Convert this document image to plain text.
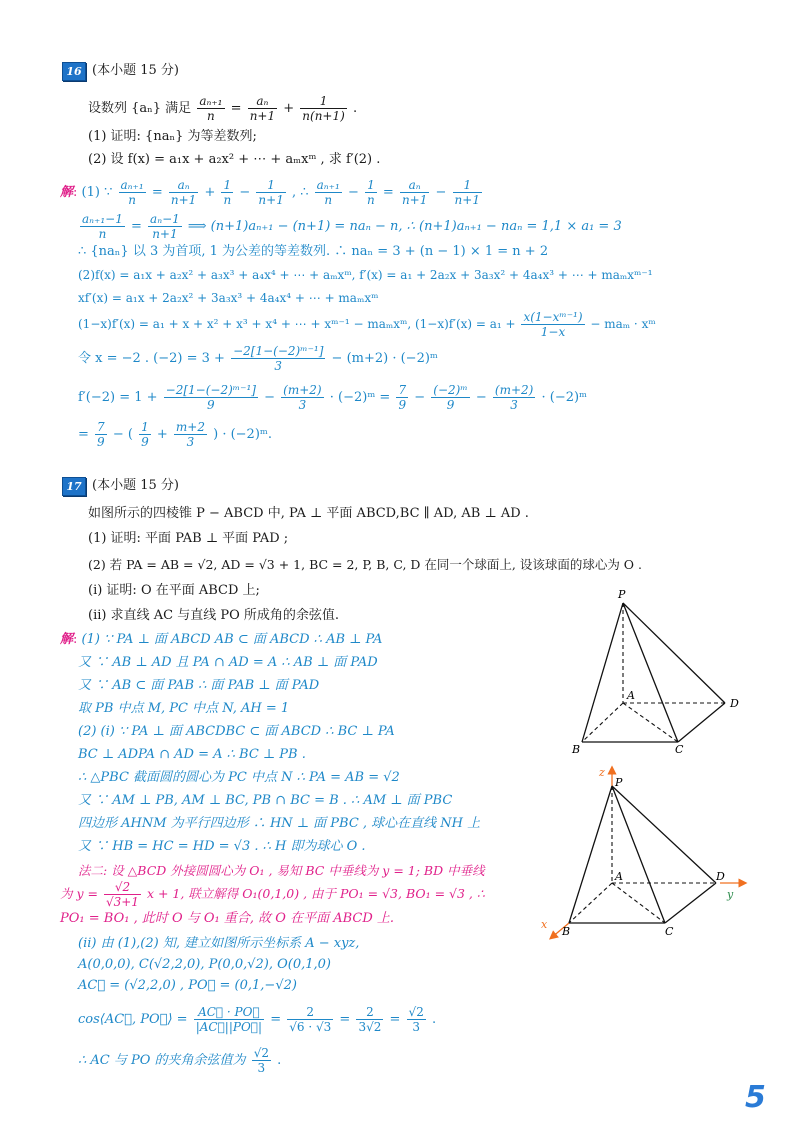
16 (本小题 15 分)
设数列 {aₙ} 满足 $\frac{\text{aₙ₊₁}}{n} = \frac{\text{aₙ}}{n+1} + \frac{1}{n(n+1)}$ .
(1) 证明: {naₙ} 为等差数列;
(2) 设 f(x) = a₁x + a₂x² + ⋯ + aₘxᵐ , 求 f′(2) .
解: (1) ∵ $\frac{\text{aₙ₊₁}}{n} = \frac{\text{aₙ}}{n+1} + \frac{1}{n} - \frac{1}{n+1}$ , ∴ $\frac{\text{aₙ₊₁}}{n} - \frac{1}{n} = \frac{\text{aₙ}}{n+1} - \frac{1}{n+1}$
$\frac{\text{aₙ₊₁−1}}{n} = \frac{\text{aₙ−1}}{n+1}$ ⟹ (n+1)aₙ₊₁ − (n+1) = naₙ − n, ∴ (n+1)aₙ₊₁ − naₙ = 1,1 × a₁ = 3
∴ {naₙ} 以 3 为首项, 1 为公差的等差数列. ∴ naₙ = 3 + (n − 1) × 1 = n + 2
(2)f(x) = a₁x + a₂x² + a₃x³ + a₄x⁴ + ⋯ + aₘxᵐ, f′(x) = a₁ + 2a₂x + 3a₃x² + 4a₄x³ + ⋯ + maₘxᵐ⁻¹
xf′(x) = a₁x + 2a₂x² + 3a₃x³ + 4a₄x⁴ + ⋯ + maₘxᵐ
(1−x)f′(x) = a₁ + x + x² + x³ + x⁴ + ⋯ + xᵐ⁻¹ − maₘxᵐ, $(1-x)f'(x) = a_1 + \frac{\text{x(1−xᵐ⁻¹)}}{1-x} - ma_m$ · xᵐ
令 x = −2 . $(-2) = 3 + \frac{\text{−2[1−(−2)ᵐ⁻¹]}}{3} - (m+2)$ · (−2)ᵐ
$f'(-2) = 1 + \frac{\text{−2[1−(−2)ᵐ⁻¹]}}{9} - \frac{(m+2)}{3}$ · (−2)ᵐ = $\frac{7}{9} - \frac{\text{(−2)ᵐ}}{9} - \frac{(m+2)}{3}$ · (−2)ᵐ
= $\frac{7}{9}$ − ( $\frac{1}{9} + \frac{m+2}{3}$ ) · (−2)ᵐ.
17 (本小题 15 分)
如图所示的四棱锥 P − ABCD 中, PA ⊥ 平面 ABCD,BC ∥ AD, AB ⊥ AD .
(1) 证明: 平面 PAB ⊥ 平面 PAD ;
(2) 若 PA = AB = √2, AD = √3 + 1, BC = 2, P, B, C, D 在同一个球面上, 设该球面的球心为 O .
(i) 证明: O 在平面 ABCD 上;
(ii) 求直线 AC 与直线 PO 所成角的余弦值.
解: (1) ∵ PA ⊥ 面 ABCD AB ⊂ 面 ABCD ∴ AB ⊥ PA
又 ∵ AB ⊥ AD 且 PA ∩ AD = A ∴ AB ⊥ 面 PAD
又 ∵ AB ⊂ 面 PAB ∴ 面 PAB ⊥ 面 PAD
取 PB 中点 M, PC 中点 N, AH = 1
(2) (i) ∵ PA ⊥ 面 ABCDBC ⊂ 面 ABCD ∴ BC ⊥ PA
BC ⊥ ADPA ∩ AD = A ∴ BC ⊥ PB .
∴ △PBC 截面圆的圆心为 PC 中点 N ∴ PA = AB = √2
又 ∵ AM ⊥ PB, AM ⊥ BC, PB ∩ BC = B . ∴ AM ⊥ 面 PBC
四边形 AHNM 为平行四边形 ∴ HN ⊥ 面 PBC , 球心在直线 NH 上
又 ∵ HB = HC = HD = √3 . ∴ H 即为球心 O .
法二: 设 △BCD 外接圆圆心为 O₁ , 易知 BC 中垂线为 y = 1; BD 中垂线
为 $y = \frac{√2}{√3+1}$ x + 1, 联立解得 O₁(0,1,0) , 由于 PO₁ = √3, BO₁ = √3 , ∴
PO₁ = BO₁ , 此时 O 与 O₁ 重合, 故 O 在平面 ABCD 上.
(ii) 由 (1),(2) 知, 建立如图所示坐标系 A − xyz,
A(0,0,0), C(√2,2,0), P(0,0,√2), O(0,1,0)
AC⃗ = (√2,2,0) , PO⃗ = (0,1,−√2)
cos⟨AC⃗, PO⃗⟩ = $\frac{AC⃗ \cdot PO⃗}{|AC⃗||PO⃗|} = \frac{2}{√6 \cdot √3} = \frac{2}{3√2} = \frac{√2}{3}$ .
∴ AC 与 PO 的夹角余弦值为 $\frac{√2}{3}$ .
P
A
B	C
D
z
P
A	D
y
B	C
x
5
